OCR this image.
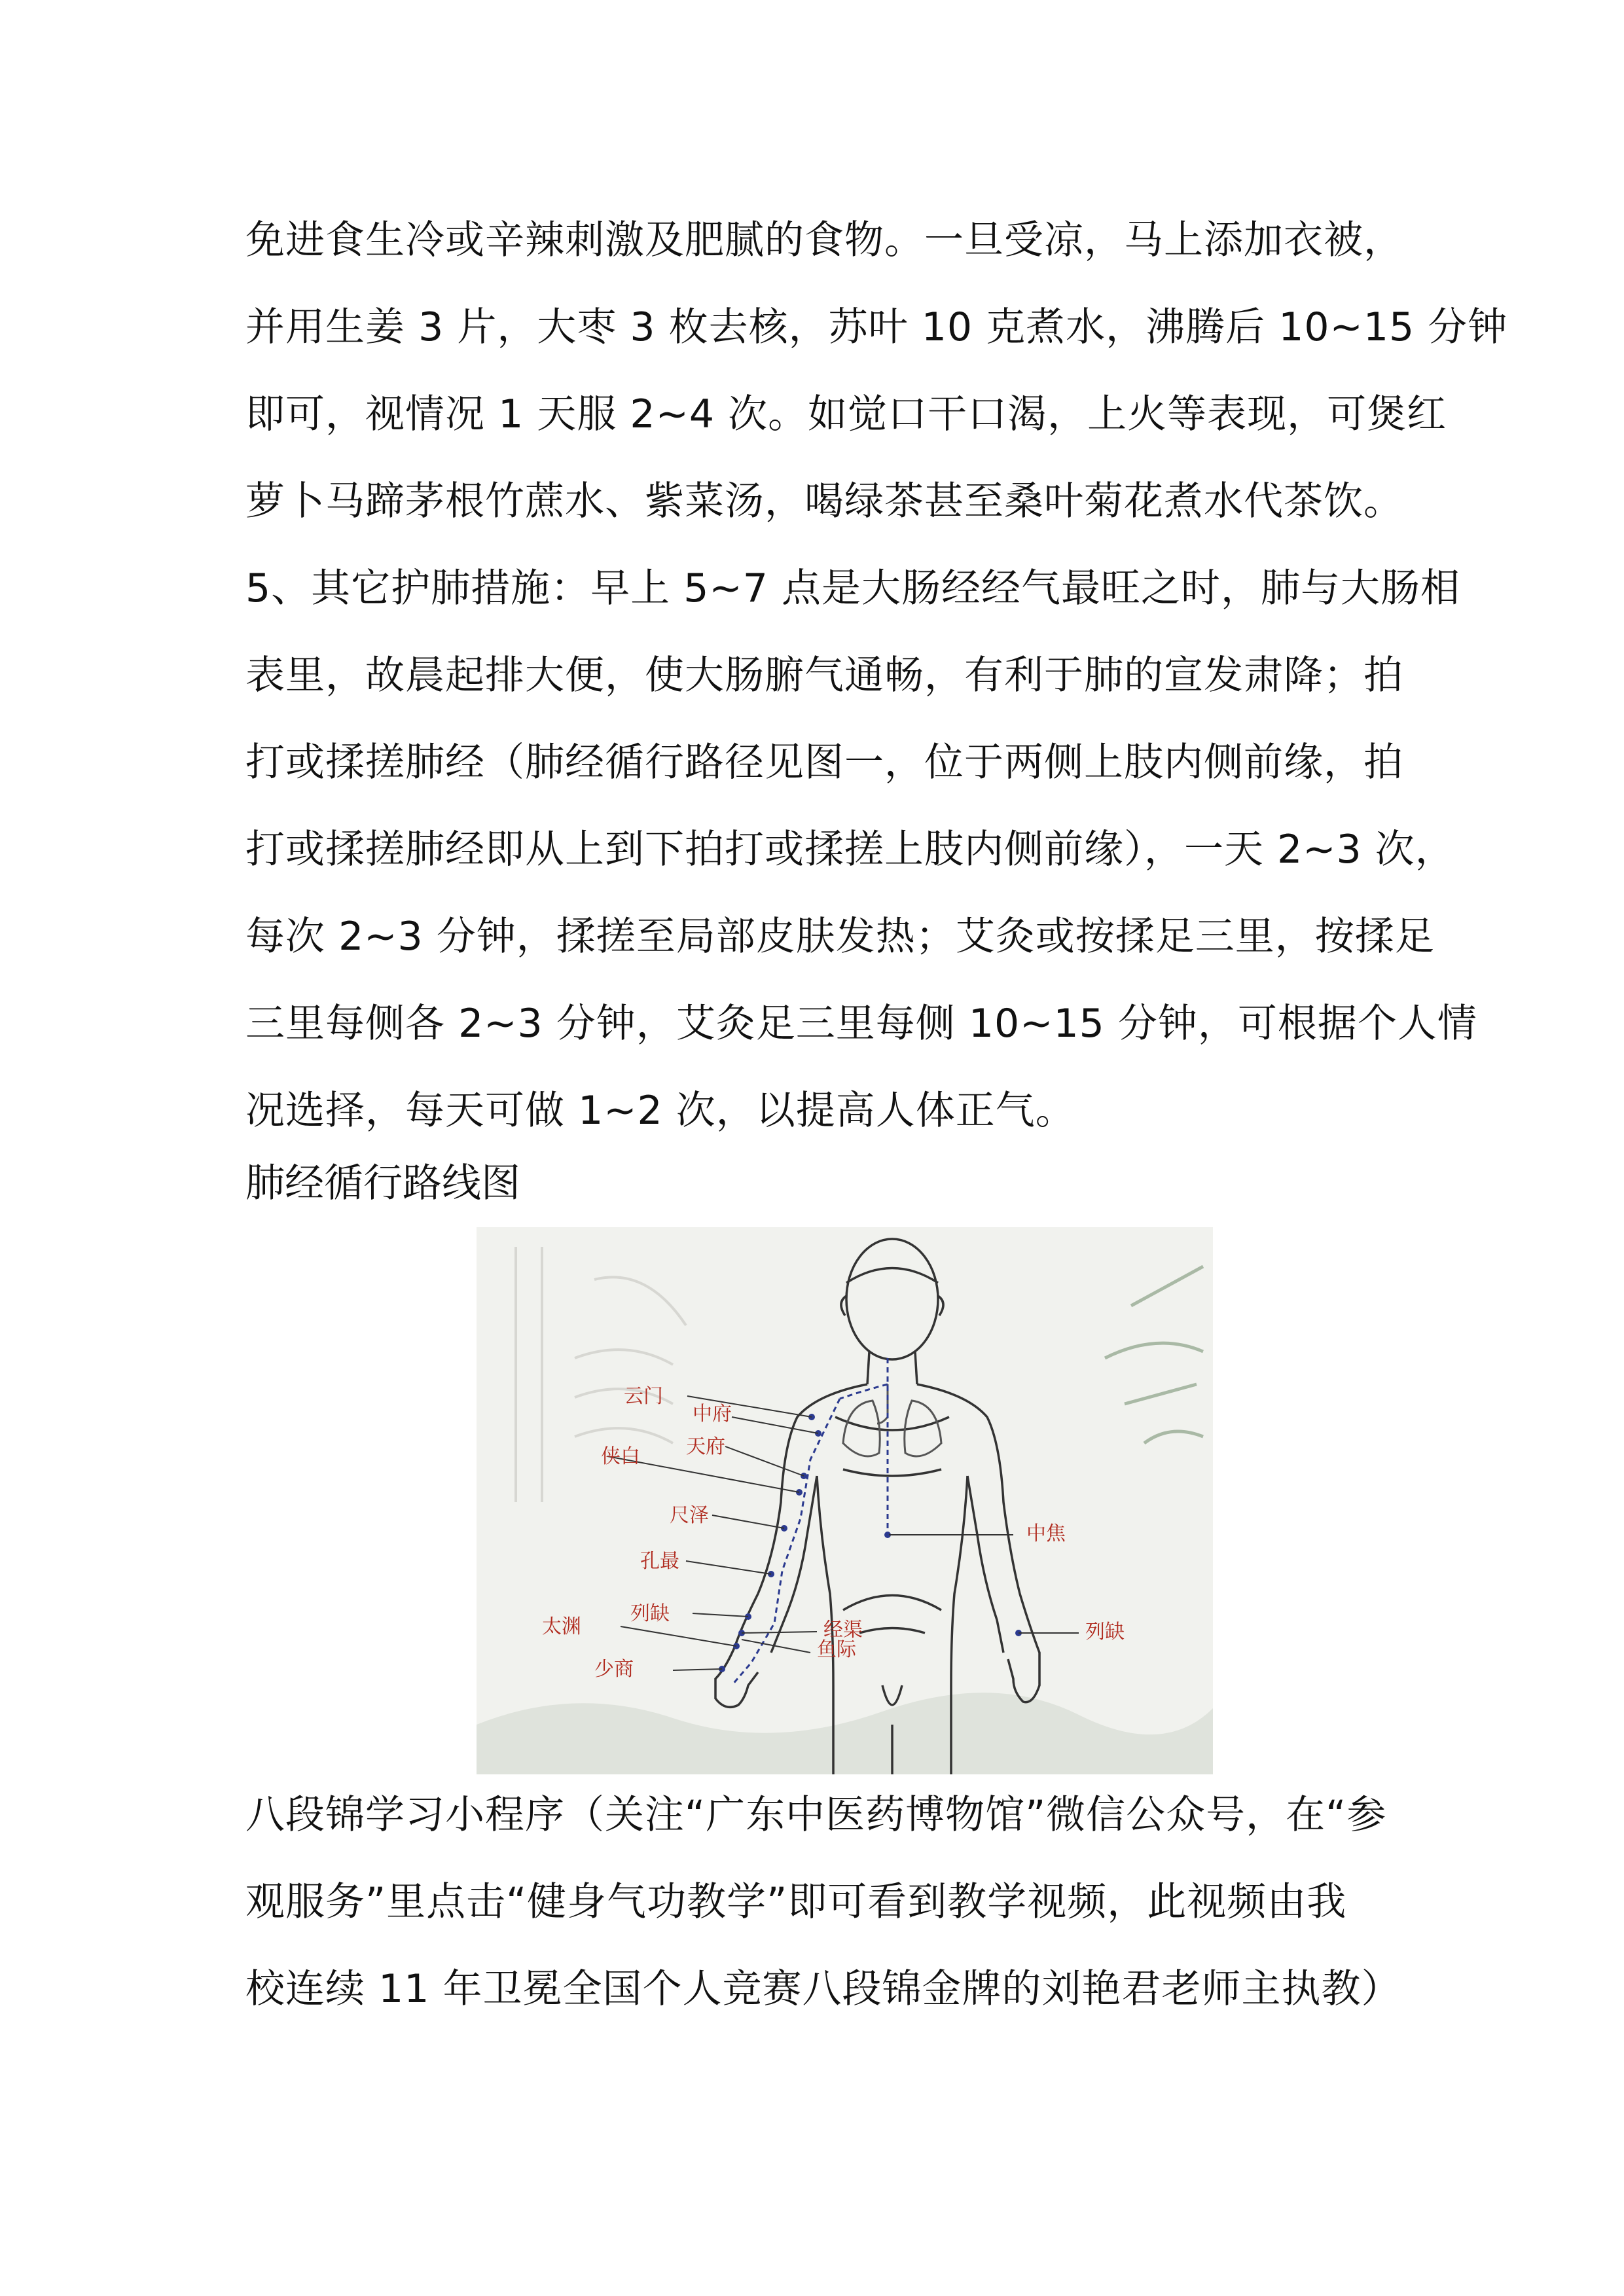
免进食生冷或辛辣刺激及肥腻的食物。一旦受凉，马上添加衣被，

并用生姜 3 片，大枣 3 枚去核，苏叶 10 克煮水，沸腾后 10~15 分钟

即可，视情况 1 天服 2~4 次。如觉口干口渴，上火等表现，可煲红

萝卜马蹄茅根竹蔗水、紫菜汤，喝绿茶甚至桑叶菊花煮水代茶饮。

5、其它护肺措施：早上 5~7 点是大肠经经气最旺之时，肺与大肠相

表里，故晨起排大便，使大肠腑气通畅，有利于肺的宣发肃降；拍

打或揉搓肺经（肺经循行路径见图一，位于两侧上肢内侧前缘，拍

打或揉搓肺经即从上到下拍打或揉搓上肢内侧前缘），一天 2~3 次，

每次 2~3 分钟，揉搓至局部皮肤发热；艾灸或按揉足三里，按揉足

三里每侧各 2~3 分钟，艾灸足三里每侧 10~15 分钟，可根据个人情

况选择，每天可做 1~2 次，以提高人体正气。

肺经循行路线图

云门
中府
天府
侠白
尺泽
孔最
列缺
太渊	经渠
鱼际
少商
中焦
列缺

八段锦学习小程序（关注“广东中医药博物馆”微信公众号，在“参

观服务”里点击“健身气功教学”即可看到教学视频，此视频由我

校连续 11 年卫冕全国个人竞赛八段锦金牌的刘艳君老师主执教）
